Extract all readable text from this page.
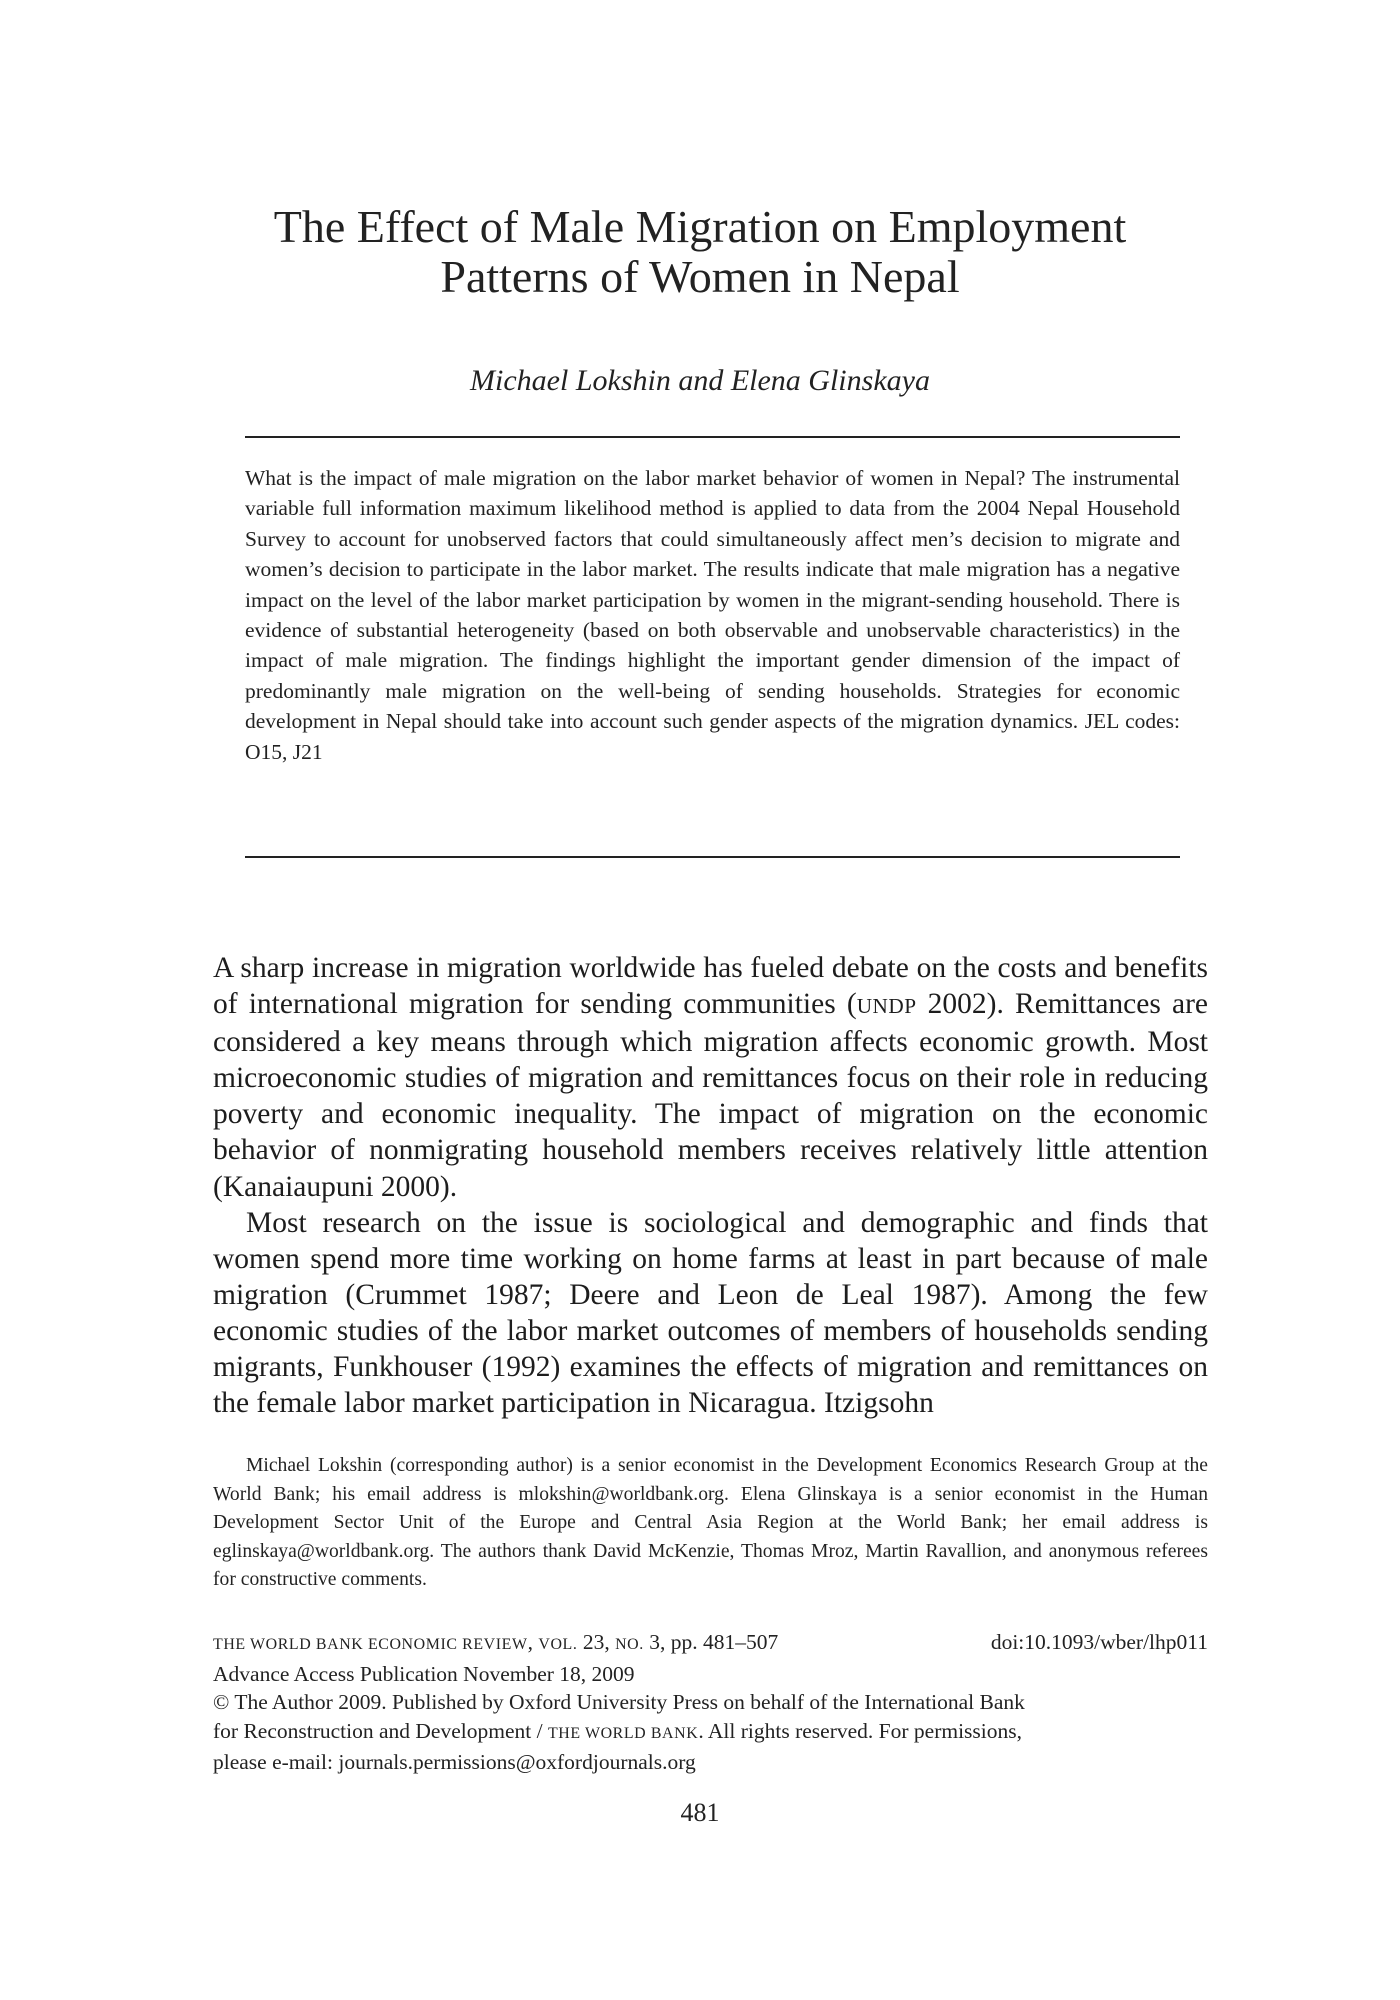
The Effect of Male Migration on Employment
Patterns of Women in Nepal
Michael Lokshin and Elena Glinskaya

What is the impact of male migration on the labor market behavior of women in Nepal? The instrumental variable full information maximum likelihood method is applied to data from the 2004 Nepal Household Survey to account for unobserved factors that could simultaneously affect men’s decision to migrate and women’s decision to participate in the labor market. The results indicate that male migration has a negative impact on the level of the labor market participation by women in the migrant-sending household. There is evidence of substantial heterogeneity (based on both observable and unobservable characteristics) in the impact of male migration. The findings highlight the important gender dimension of the impact of predominantly male migration on the well-being of sending households. Strategies for economic development in Nepal should take into account such gender aspects of the migration dynamics. JEL codes: O15, J21

A sharp increase in migration worldwide has fueled debate on the costs and benefits of international migration for sending communities (UNDP 2002). Remittances are considered a key means through which migration affects economic growth. Most microeconomic studies of migration and remittances focus on their role in reducing poverty and economic inequality. The impact of migration on the economic behavior of nonmigrating household members receives relatively little attention (Kanaiaupuni 2000).

Most research on the issue is sociological and demographic and finds that women spend more time working on home farms at least in part because of male migration (Crummet 1987; Deere and Leon de Leal 1987). Among the few economic studies of the labor market outcomes of members of households sending migrants, Funkhouser (1992) examines the effects of migration and remittances on the female labor market participation in Nicaragua. Itzigsohn

Michael Lokshin (corresponding author) is a senior economist in the Development Economics Research Group at the World Bank; his email address is mlokshin@worldbank.org. Elena Glinskaya is a senior economist in the Human Development Sector Unit of the Europe and Central Asia Region at the World Bank; her email address is eglinskaya@worldbank.org. The authors thank David McKenzie, Thomas Mroz, Martin Ravallion, and anonymous referees for constructive comments.

THE WORLD BANK ECONOMIC REVIEW, VOL. 23, NO. 3, pp. 481–507	doi:10.1093/wber/lhp011
Advance Access Publication November 18, 2009
© The Author 2009. Published by Oxford University Press on behalf of the International Bank
for Reconstruction and Development / THE WORLD BANK. All rights reserved. For permissions,
please e-mail: journals.permissions@oxfordjournals.org
481
